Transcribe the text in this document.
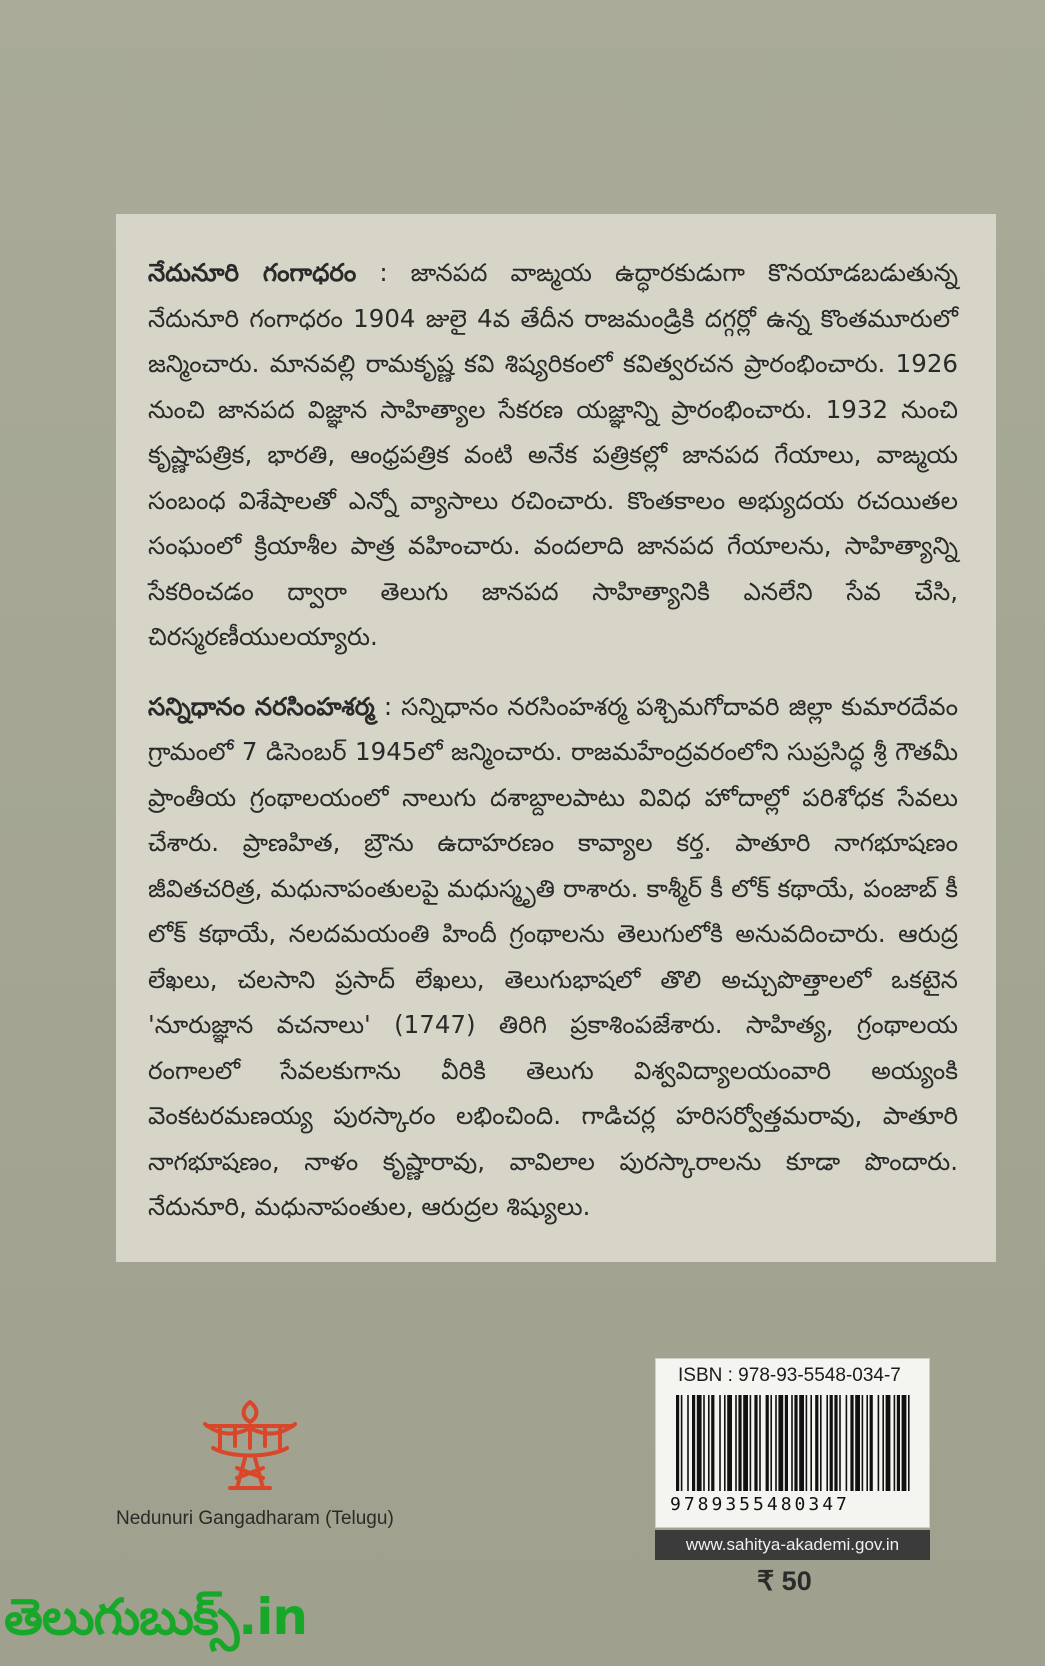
నేదునూరి గంగాధరం : జానపద వాఙ్మయ ఉద్ధారకుడుగా కొనయాడబడుతున్న నేదునూరి గంగాధరం 1904 జులై 4వ తేదీన రాజమండ్రికి దగ్గర్లో ఉన్న కొంతమూరులో జన్మించారు. మానవల్లి రామకృష్ణ కవి శిష్యరికంలో కవిత్వరచన ప్రారంభించారు. 1926 నుంచి జానపద విజ్ఞాన సాహిత్యాల సేకరణ యజ్ఞాన్ని ప్రారంభించారు. 1932 నుంచి కృష్ణాపత్రిక, భారతి, ఆంధ్రపత్రిక వంటి అనేక పత్రికల్లో జానపద గేయాలు, వాఙ్మయ సంబంధ విశేషాలతో ఎన్నో వ్యాసాలు రచించారు. కొంతకాలం అభ్యుదయ రచయితల సంఘంలో క్రియాశీల పాత్ర వహించారు. వందలాది జానపద గేయాలను, సాహిత్యాన్ని సేకరించడం ద్వారా తెలుగు జానపద సాహిత్యానికి ఎనలేని సేవ చేసి, చిరస్మరణీయులయ్యారు.

సన్నిధానం నరసింహశర్మ : సన్నిధానం నరసింహశర్మ పశ్చిమగోదావరి జిల్లా కుమారదేవం గ్రామంలో 7 డిసెంబర్ 1945లో జన్మించారు. రాజమహేంద్రవరంలోని సుప్రసిద్ధ శ్రీ గౌతమీ ప్రాంతీయ గ్రంథాలయంలో నాలుగు దశాబ్దాలపాటు వివిధ హోదాల్లో పరిశోధక సేవలు చేశారు. ప్రాణహిత, బ్రౌను ఉదాహరణం కావ్యాల కర్త. పాతూరి నాగభూషణం జీవితచరిత్ర, మధునాపంతులపై మధుస్మృతి రాశారు. కాశ్మీర్ కీ లోక్ కథాయే, పంజాబ్ కీ లోక్ కథాయే, నలదమయంతి హిందీ గ్రంథాలను తెలుగులోకి అనువదించారు. ఆరుద్ర లేఖలు, చలసాని ప్రసాద్ లేఖలు, తెలుగుభాషలో తొలి అచ్చుపొత్తాలలో ఒకటైన 'నూరుజ్ఞాన వచనాలు' (1747) తిరిగి ప్రకాశింపజేశారు. సాహిత్య, గ్రంథాలయ రంగాలలో సేవలకుగాను వీరికి తెలుగు విశ్వవిద్యాలయంవారి అయ్యంకి వెంకటరమణయ్య పురస్కారం లభించింది. గాడిచర్ల హరిసర్వోత్తమరావు, పాతూరి నాగభూషణం, నాళం కృష్ణారావు, వావిలాల పురస్కారాలను కూడా పొందారు. నేదునూరి, మధునాపంతుల, ఆరుద్రల శిష్యులు.

Nedunuri Gangadharam (Telugu)
ISBN : 978-93-5548-034-7
9789355480347
www.sahitya-akademi.gov.in
₹ 50
తెలుగుబుక్స్.in
